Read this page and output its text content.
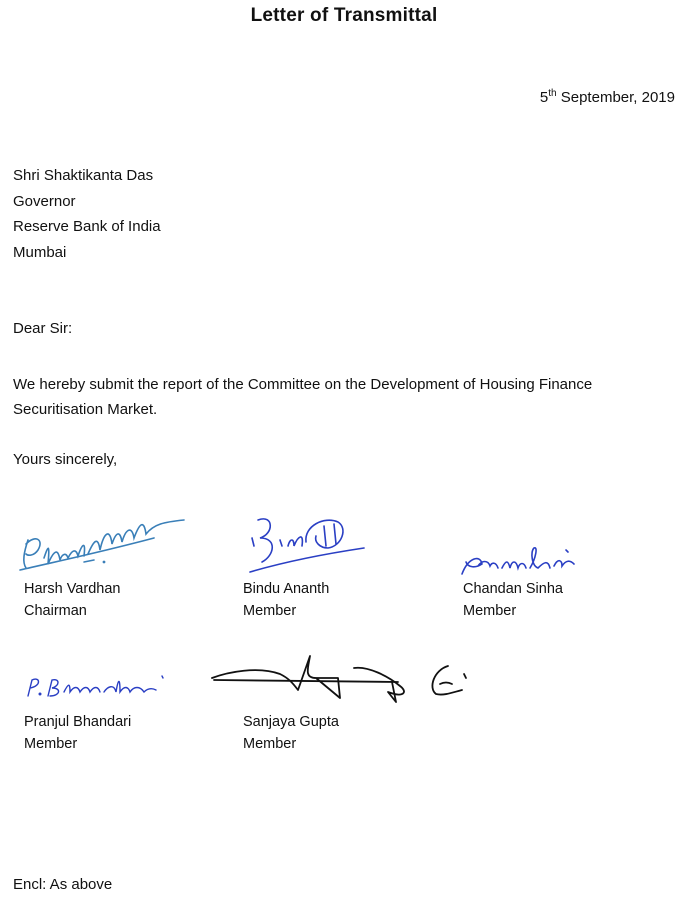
Letter of Transmittal
5th September, 2019
Shri Shaktikanta Das
Governor
Reserve Bank of India
Mumbai
Dear Sir:
We hereby submit the report of the Committee on the Development of Housing Finance Securitisation Market.
Yours sincerely,
Harsh Vardhan
Chairman
Bindu Ananth
Member
Chandan Sinha
Member
Pranjul Bhandari
Member
Sanjaya Gupta
Member
Encl: As above
